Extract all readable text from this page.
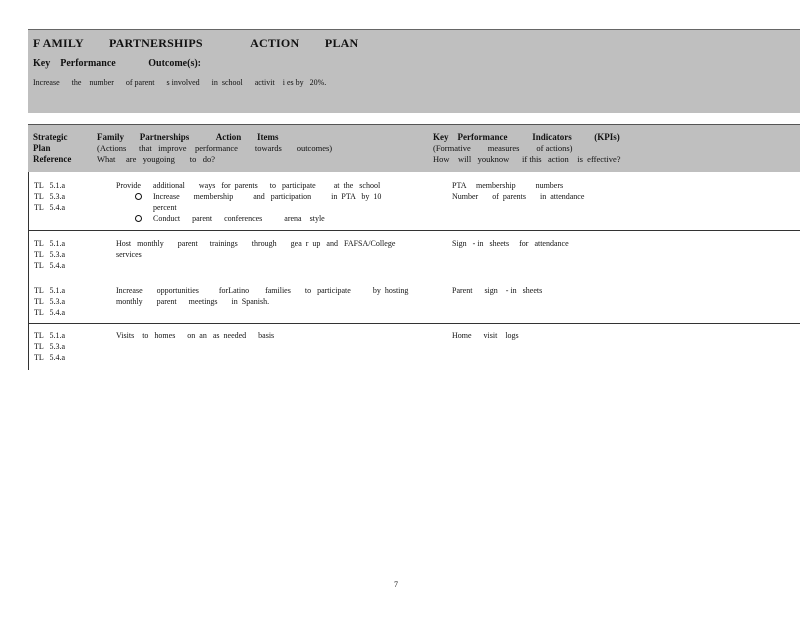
F AMILY        PARTNERSHIPS               ACTION        PLAN
Key    Performance             Outcome(s):
Increase      the    number      of parent      s involved      in  school      activit    i es by   20%.
Strategic
Plan
Reference
Family       Partnerships            Action       Items
(Actions      that   improve    performance        towards       outcomes)
What     are   yougoing       to   do?
Key    Performance           Indicators          (KPIs)
(Formative        measures        of actions)
How    will   youknow      if this   action    is  effective?
TL   5.1.a
TL   5.3.a
TL   5.4.a
Provide      additional       ways   for  parents      to   participate         at  the   school
Increase       membership          and   participation          in  PTA   by  10
percent
Conduct      parent      conferences           arena    style
PTA     membership          numbers
Number       of  parents       in  attendance
TL   5.1.a
TL   5.3.a
TL   5.4.a
Host   monthly       parent      trainings       through       gea  r  up   and   FAFSA/College
services
Sign   - in   sheets     for   attendance
TL   5.1.a
TL   5.3.a
TL   5.4.a
Increase       opportunities          forLatino        families       to   participate           by  hosting
monthly       parent      meetings       in  Spanish.
Parent      sign    - in   sheets
TL   5.1.a
TL   5.3.a
TL   5.4.a
Visits    to   homes      on  an   as  needed      basis	Home      visit    logs
7
